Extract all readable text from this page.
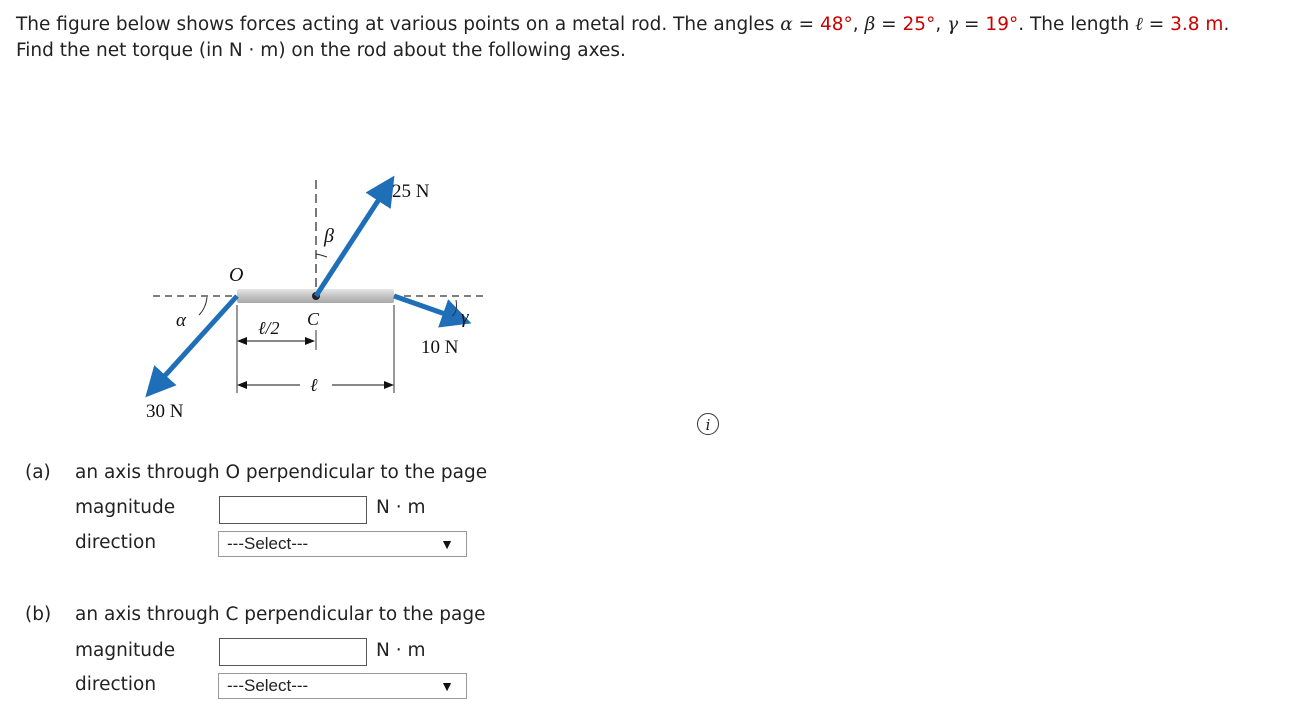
The figure below shows forces acting at various points on a metal rod. The angles α = 48°, β = 25°, γ = 19°. The length ℓ = 3.8 m.
Find the net torque (in N · m) on the rod about the following axes.
O
C
β
α	γ
ℓ/2
ℓ
25 N
10 N
30 N
i
(a) an axis through O perpendicular to the page
magnitude	N · m
direction	---Select---	▼
(b) an axis through C perpendicular to the page
magnitude	N · m
direction	---Select---	▼
